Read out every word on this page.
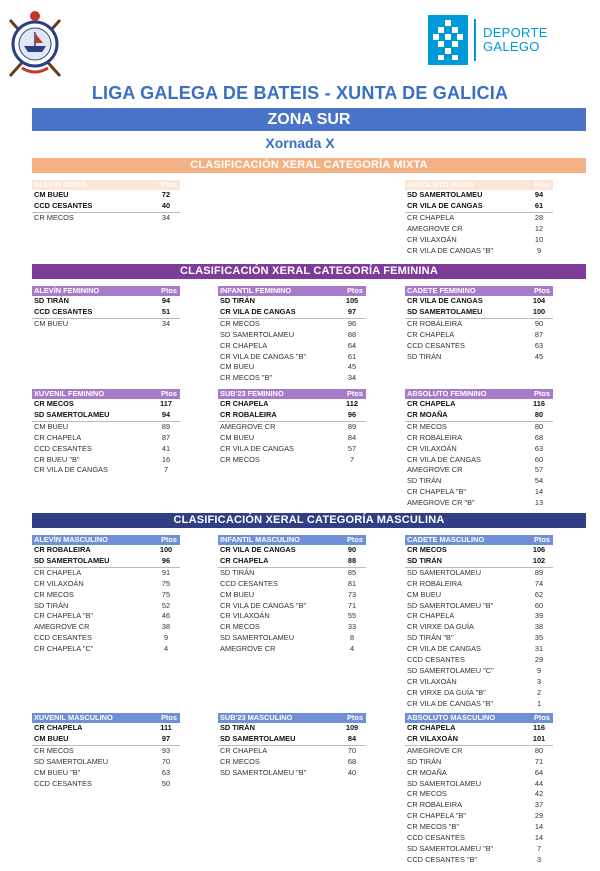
DEPORTE
GALEGO
LIGA GALEGA DE BATEIS - XUNTA DE GALICIA
ZONA SUR
Xornada X
CLASIFICACIÓN XERAL CATEGORÍA MIXTA
CLASIFICACIÓN XERAL CATEGORÍA FEMININA
CLASIFICACIÓN XERAL CATEGORÍA MASCULINA
ALEVÍN MIXTO	Ptos
CM BUEU	72
CCD CESANTES	40
CR MECOS	34
ABSOLUTO MIXTO	Ptos
SD SAMERTOLAMEU	94
CR VILA DE CANGAS	61
CR CHAPELA	28
AMEGROVE CR	12
CR VILAXOÁN	10
CR VILA DE CANGAS "B"	9
ALEVÍN FEMININO	Ptos
SD TIRÁN	94
CCD CESANTES	51
CM BUEU	34
INFANTIL FEMININO	Ptos
SD TIRÁN	105
CR VILA DE CANGAS	97
CR MECOS	96
SD SAMERTOLAMEU	88
CR CHAPELA	64
CR VILA DE CANGAS "B"	61
CM BUEU	45
CR MECOS "B"	34
CADETE FEMININO	Ptos
CR VILA DE CANGAS	104
SD SAMERTOLAMEU	100
CR ROBALEIRA	90
CR CHAPELA	87
CCD CESANTES	63
SD TIRÁN	45
XUVENIL FEMININO	Ptos
CR MECOS	117
SD SAMERTOLAMEU	94
CM BUEU	89
CR CHAPELA	87
CCD CESANTES	41
CR BUEU "B"	16
CR VILA DE CANGAS	7
SUB'23 FEMININO	Ptos
CR CHAPELA	112
CR ROBALEIRA	96
AMEGROVE CR	89
CM BUEU	84
CR VILA DE CANGAS	57
CR MECOS	7
ABSOLUTO FEMININO	Ptos
CR CHAPELA	116
CR MOAÑA	80
CR MECOS	80
CR ROBALEIRA	68
CR VILAXOÁN	63
CR VILA DE CANGAS	60
AMEGROVE CR	57
SD TIRÁN	54
CR CHAPELA "B"	14
AMEGROVE CR "B"	13
ALEVÍN MASCULINO	Ptos
CR ROBALEIRA	100
SD SAMERTOLAMEU	96
CR CHAPELA	91
CR VILAXOÁN	75
CR MECOS	75
SD TIRÁN	52
CR CHAPELA "B"	46
AMEGROVE CR	38
CCD CESANTES	9
CR CHAPELA "C"	4
INFANTIL MASCULINO	Ptos
CR VILA DE CANGAS	90
CR CHAPELA	88
SD TIRÁN	85
CCD CESANTES	81
CM BUEU	73
CR VILA DE CANGAS "B"	71
CR VILAXOÁN	55
CR MECOS	33
SD SAMERTOLAMEU	8
AMEGROVE CR	4
CADETE MASCULINO	Ptos
CR MECOS	106
SD TIRÁN	102
SD SAMERTOLAMEU	89
CR ROBALEIRA	74
CM BUEU	62
SD SAMERTOLAMEU "B"	60
CR CHAPELA	39
CR VIRXE DA GUÍA	38
SD TIRÁN "B"	35
CR VILA DE CANGAS	31
CCD CESANTES	29
SD SAMERTOLAMEU "C"	9
CR VILAXOÁN	3
CR VIRXE DA GUÍA "B"	2
CR VILA DE CANGAS "B"	1
XUVENIL MASCULINO	Ptos
CR CHAPELA	111
CM BUEU	97
CR MECOS	93
SD SAMERTOLAMEU	70
CM BUEU "B"	63
CCD CESANTES	50
SUB'23 MASCULINO	Ptos
SD TIRÁN	109
SD SAMERTOLAMEU	84
CR CHAPELA	70
CR MECOS	68
SD SAMERTOLAMEU "B"	40
ABSOLUTO MASCULINO	Ptos
CR CHAPELA	116
CR VILAXOÁN	101
AMEGROVE CR	80
SD TIRÁN	71
CR MOAÑA	64
SD SAMERTOLAMEU	44
CR MECOS	42
CR ROBALEIRA	37
CR CHAPELA "B"	29
CR MECOS "B"	14
CCD CESANTES	14
SD SAMERTOLAMEU "B"	7
CCD CESANTES "B"	3
